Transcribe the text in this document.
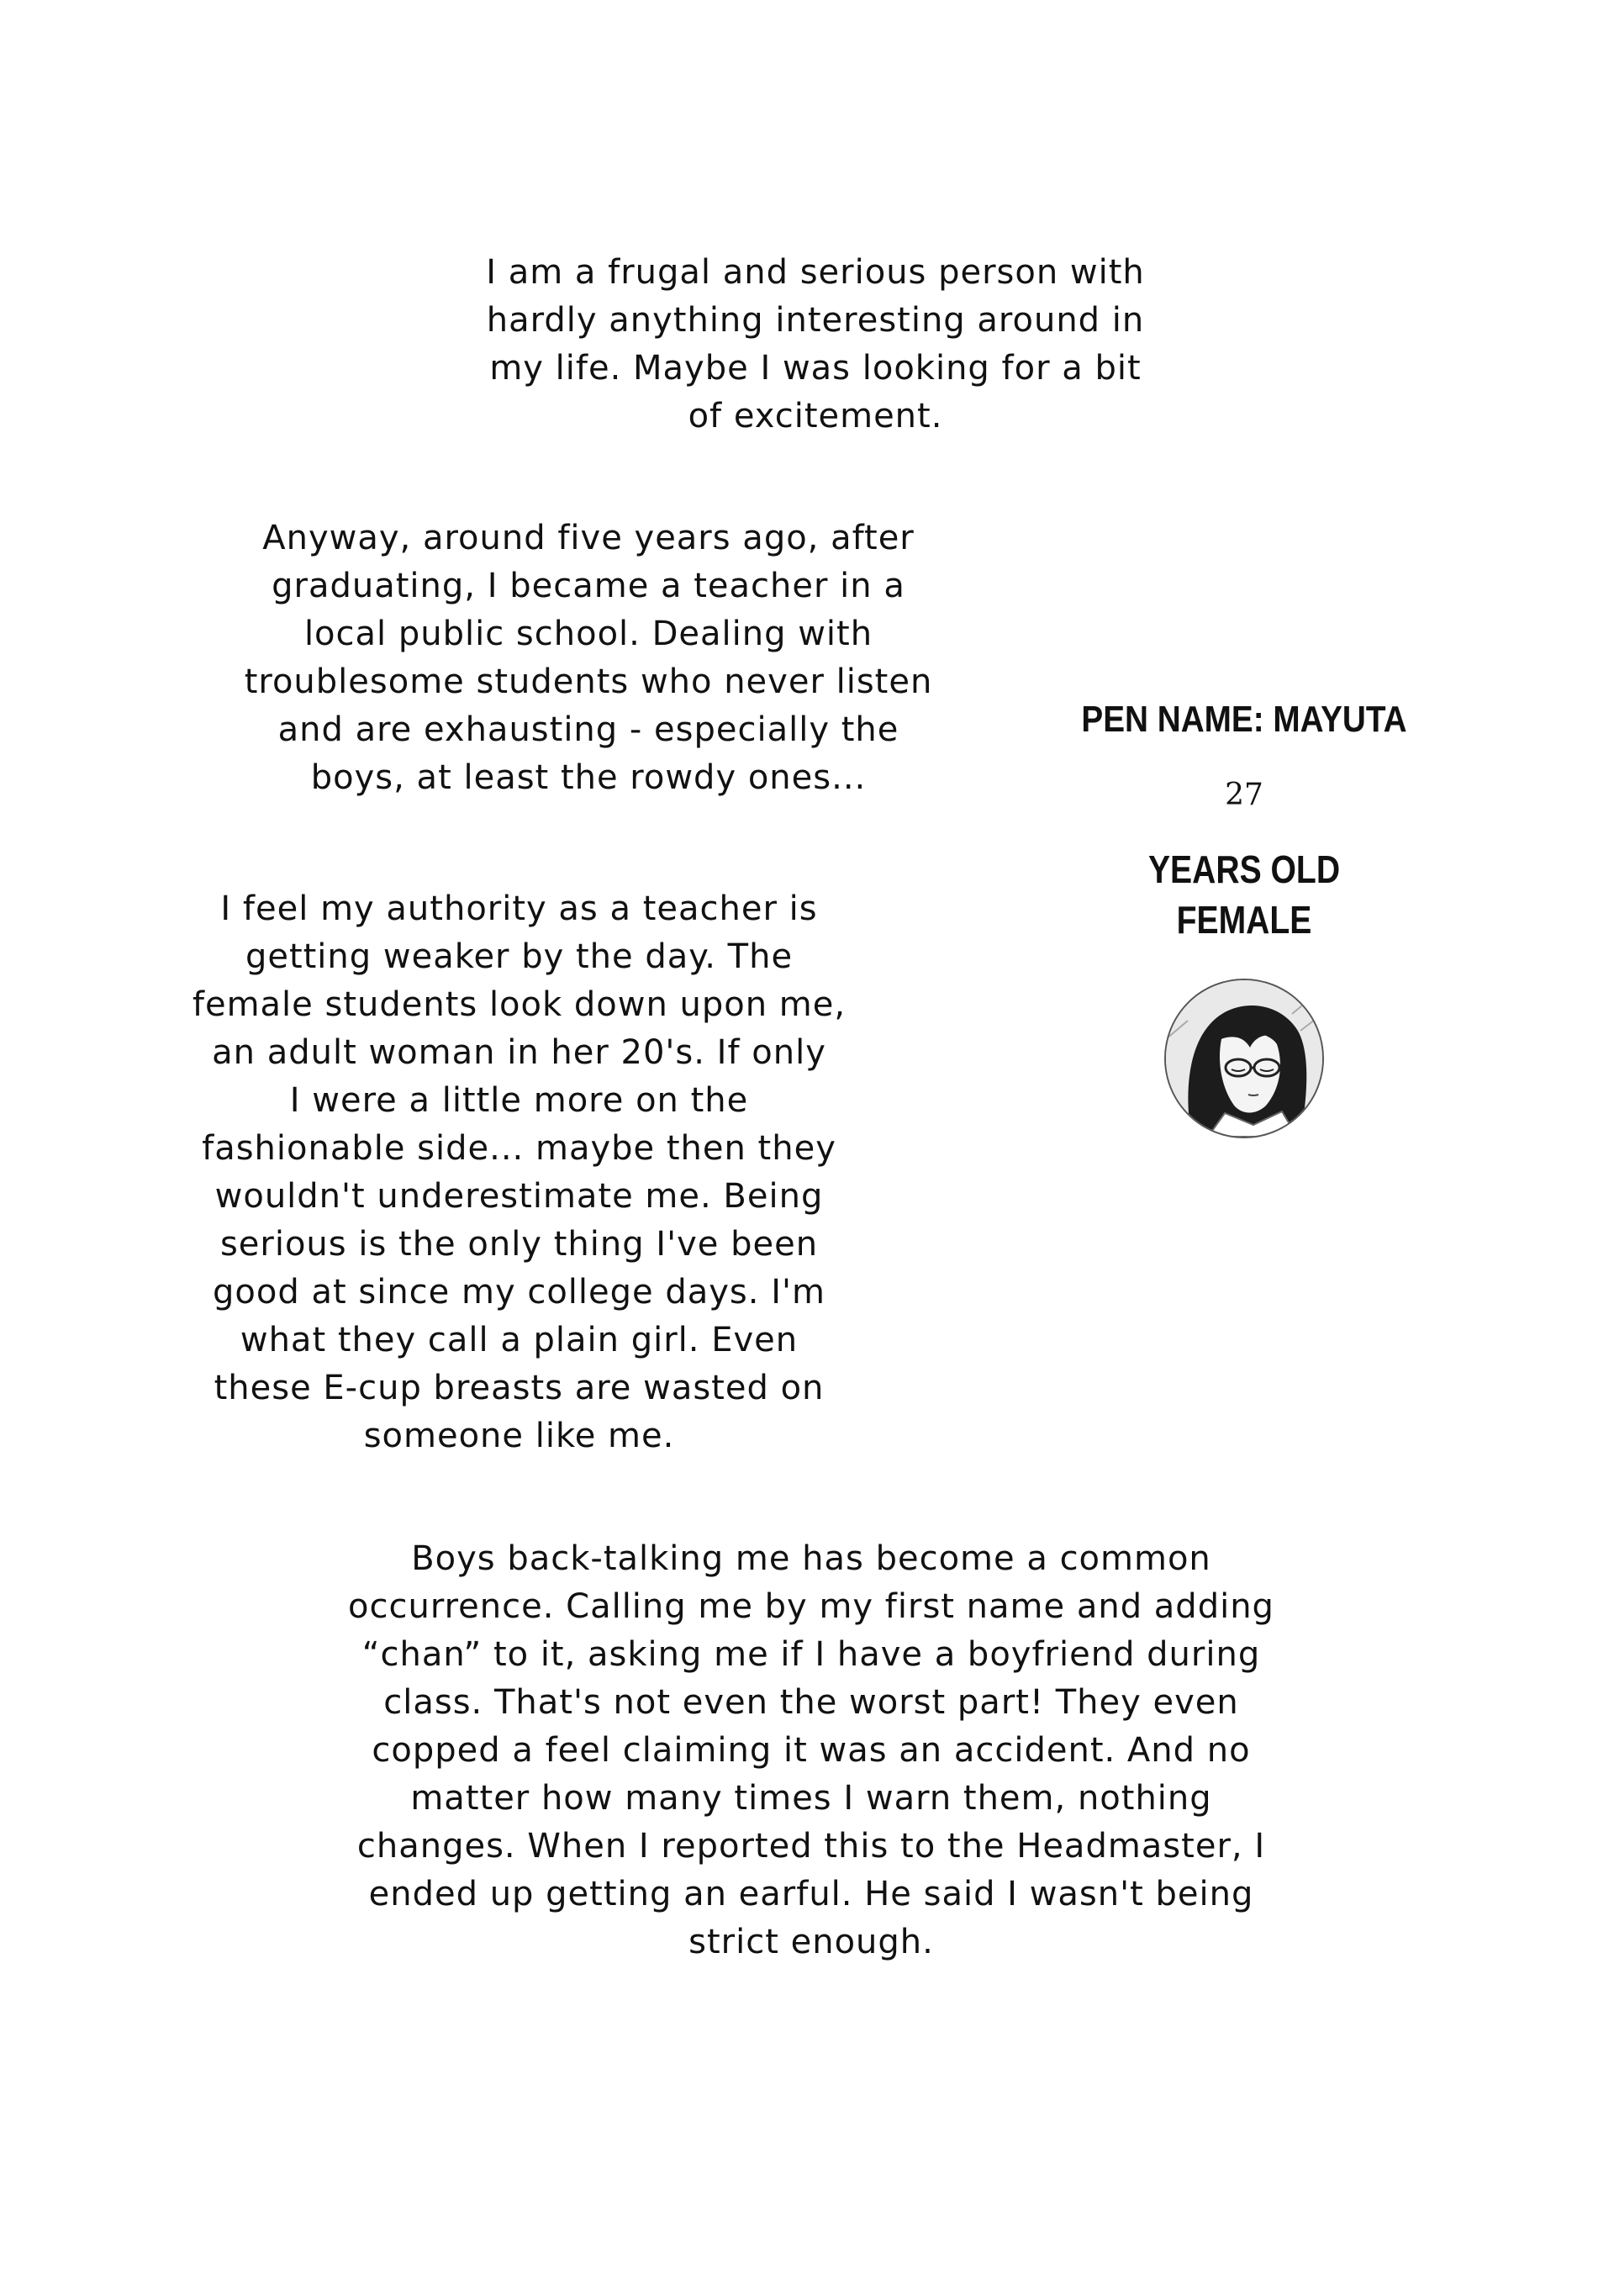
I am a frugal and serious person with
hardly anything interesting around in
my life. Maybe I was looking for a bit
of excitement.
Anyway, around five years ago, after
graduating, I became a teacher in a
local public school. Dealing with
troublesome students who never listen
and are exhausting - especially the
boys, at least the rowdy ones...
I feel my authority as a teacher is
getting weaker by the day. The
female students look down upon me,
an adult woman in her 20's. If only
I were a little more on the
fashionable side... maybe then they
wouldn't underestimate me. Being
serious is the only thing I've been
good at since my college days. I'm
what they call a plain girl. Even
these E-cup breasts are wasted on
someone like me.
Boys back-talking me has become a common
occurrence. Calling me by my first name and adding
“chan” to it, asking me if I have a boyfriend during
class. That's not even the worst part! They even
copped a feel claiming it was an accident. And no
matter how many times I warn them, nothing
changes. When I reported this to the Headmaster, I
ended up getting an earful. He said I wasn't being
strict enough.
PEN NAME: MAYUTA
27
YEARS OLD
FEMALE
